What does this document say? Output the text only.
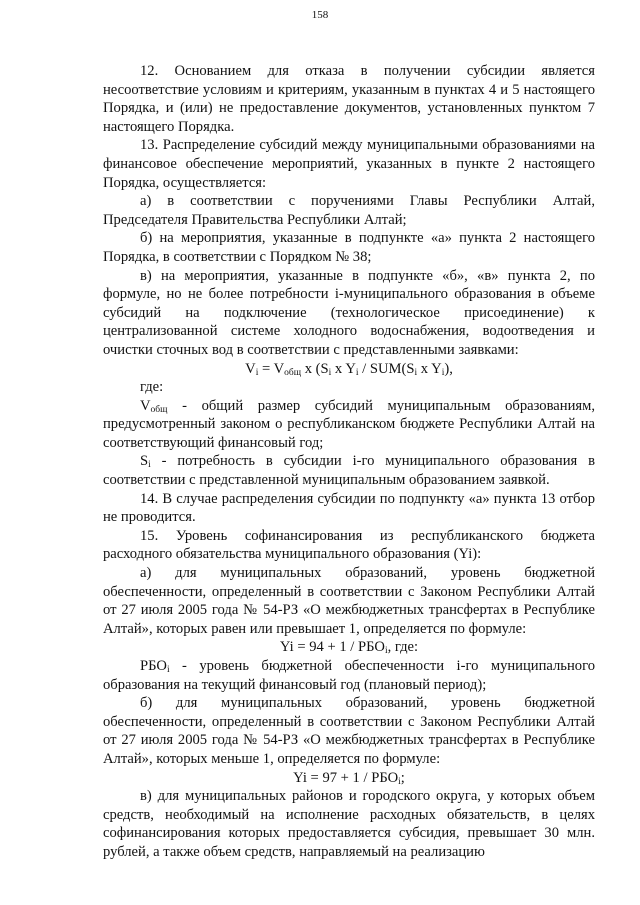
158

12. Основанием для отказа в получении субсидии является несоответствие условиям и критериям, указанным в пунктах 4 и 5 настоящего Порядка, и (или) не предоставление документов, установленных пунктом 7 настоящего Порядка.

13. Распределение субсидий между муниципальными образованиями на финансовое обеспечение мероприятий, указанных в пункте 2 настоящего Порядка, осуществляется:

а) в соответствии с поручениями Главы Республики Алтай, Председателя Правительства Республики Алтай;

б) на мероприятия, указанные в подпункте «а» пункта 2 настоящего Порядка, в соответствии с Порядком № 38;

в) на мероприятия, указанные в подпункте «б», «в» пункта 2, по формуле, но не более потребности i-муниципального образования в объеме субсидий на подключение (технологическое присоединение) к централизованной системе холодного водоснабжения, водоотведения и очистки сточных вод в соответствии с представленными заявками:

$V_i = V_{общ}$ x ($S_i$ x $Y_i / SUM(S_i$ x $Y_i$),

где:

$V_{общ}$ - общий размер субсидий муниципальным образованиям, предусмотренный законом о республиканском бюджете Республики Алтай на соответствующий финансовый год;

$S_i$ - потребность в субсидии i-го муниципального образования в соответствии с представленной муниципальным образованием заявкой.

14. В случае распределения субсидии по подпункту «а» пункта 13 отбор не проводится.

15. Уровень софинансирования из республиканского бюджета расходного обязательства муниципального образования (Yi):

а) для муниципальных образований, уровень бюджетной обеспеченности, определенный в соответствии с Законом Республики Алтай от 27 июля 2005 года № 54-РЗ «О межбюджетных трансфертах в Республике Алтай», которых равен или превышает 1, определяется по формуле:

$Yi = 94 + 1 / РБО_i$, где:

$РБО_i$ - уровень бюджетной обеспеченности i-го муниципального образования на текущий финансовый год (плановый период);

б) для муниципальных образований, уровень бюджетной обеспеченности, определенный в соответствии с Законом Республики Алтай от 27 июля 2005 года № 54-РЗ «О межбюджетных трансфертах в Республике Алтай», которых меньше 1, определяется по формуле:

$Yi = 97 + 1 / РБО_i$;

в) для муниципальных районов и городского округа, у которых объем средств, необходимый на исполнение расходных обязательств, в целях софинансирования которых предоставляется субсидия, превышает 30 млн. рублей, а также объем средств, направляемый на реализацию
